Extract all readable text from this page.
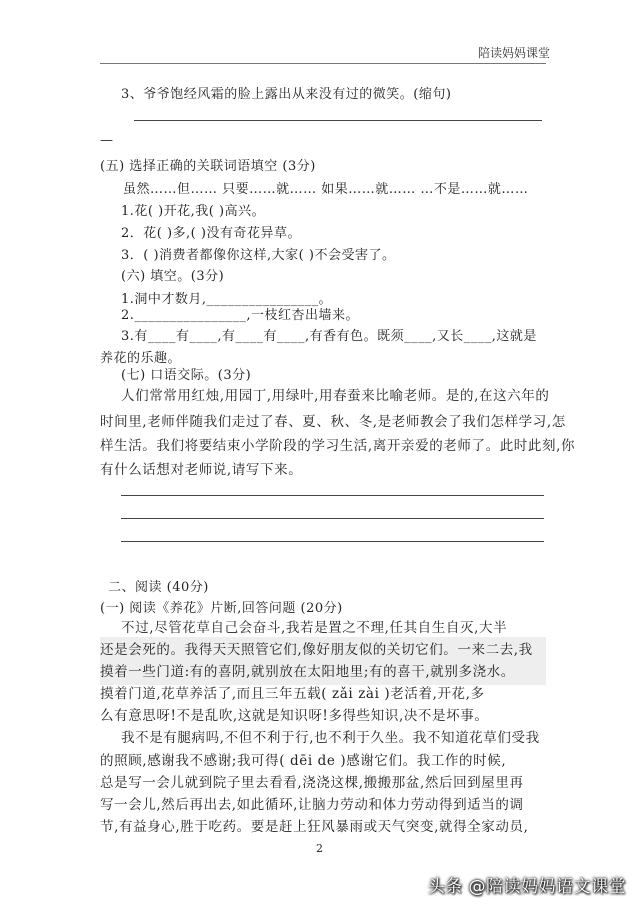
陪读妈妈课堂
3、爷爷饱经风霜的脸上露出从来没有过的微笑。(缩句)
—
(五) 选择正确的关联词语填空 (3分)
虽然……但…… 只要……就…… 如果……就…… …不是……就……
1.花( )开花,我( )高兴。
2．花( )多,( )没有奇花异草。
3．( )消费者都像你这样,大家( )不会受害了。
(六) 填空。(3分)
1.洞中才数月,________________。
2.________________,一枝红杏出墙来。
3.有____有____,有____有____,有香有色。既须____,又长____,这就是
养花的乐趣。
(七) 口语交际。(3分)
人们常常用红烛,用园丁,用绿叶,用春蚕来比喻老师。是的,在这六年的
时间里,老师伴随我们走过了春、夏、秋、冬,是老师教会了我们怎样学习,怎
样生活。我们将要结束小学阶段的学习生活,离开亲爱的老师了。此时此刻,你
有什么话想对老师说,请写下来。
二、阅读 (40分)
(一) 阅读《养花》片断,回答问题 (20分)
不过,尽管花草自己会奋斗,我若是置之不理,任其自生自灭,大半
还是会死的。我得天天照管它们,像好朋友似的关切它们。一来二去,我
摸着一些门道:有的喜阴,就别放在太阳地里;有的喜干,就别多浇水。
摸着门道,花草养活了,而且三年五载( zǎi zài )老活着,开花,多
么有意思呀!不是乱吹,这就是知识呀!多得些知识,决不是坏事。
我不是有腿病吗,不但不利于行,也不利于久坐。我不知道花草们受我
的照顾,感谢我不感谢;我可得( dēi de )感谢它们。我工作的时候,
总是写一会儿就到院子里去看看,浇浇这棵,搬搬那盆,然后回到屋里再
写一会儿,然后再出去,如此循环,让脑力劳动和体力劳动得到适当的调
节,有益身心,胜于吃药。要是赶上狂风暴雨或天气突变,就得全家动员,
2
头条 @陪读妈妈语文课堂
